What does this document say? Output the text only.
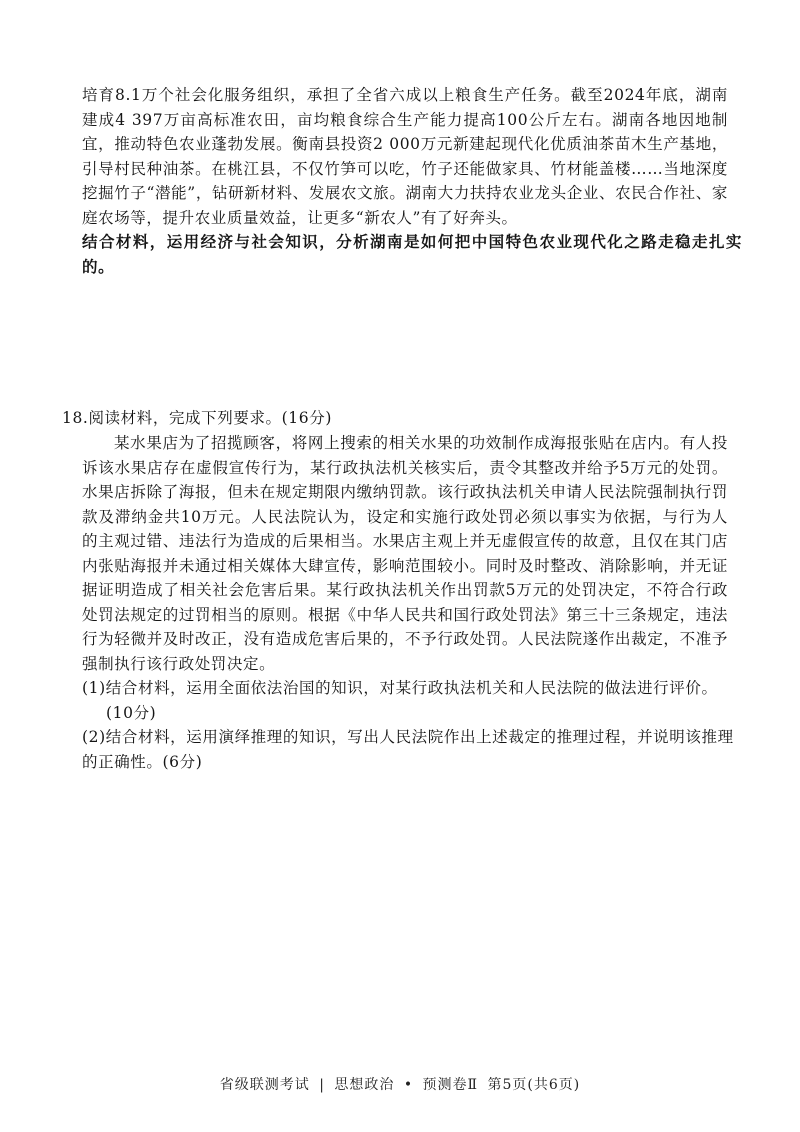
培育8.1万个社会化服务组织，承担了全省六成以上粮食生产任务。截至2024年底，湖南建成4 397万亩高标准农田，亩均粮食综合生产能力提高100公斤左右。湖南各地因地制宜，推动特色农业蓬勃发展。衡南县投资2 000万元新建起现代化优质油茶苗木生产基地，引导村民种油茶。在桃江县，不仅竹笋可以吃，竹子还能做家具、竹材能盖楼……当地深度挖掘竹子“潜能”，钻研新材料、发展农文旅。湖南大力扶持农业龙头企业、农民合作社、家庭农场等，提升农业质量效益，让更多“新农人”有了好奔头。

结合材料，运用经济与社会知识，分析湖南是如何把中国特色农业现代化之路走稳走扎实的。

18.阅读材料，完成下列要求。(16分)

某水果店为了招揽顾客，将网上搜索的相关水果的功效制作成海报张贴在店内。有人投诉该水果店存在虚假宣传行为，某行政执法机关核实后，责令其整改并给予5万元的处罚。水果店拆除了海报，但未在规定期限内缴纳罚款。该行政执法机关申请人民法院强制执行罚款及滞纳金共10万元。人民法院认为，设定和实施行政处罚必须以事实为依据，与行为人的主观过错、违法行为造成的后果相当。水果店主观上并无虚假宣传的故意，且仅在其门店内张贴海报并未通过相关媒体大肆宣传，影响范围较小。同时及时整改、消除影响，并无证据证明造成了相关社会危害后果。某行政执法机关作出罚款5万元的处罚决定，不符合行政处罚法规定的过罚相当的原则。根据《中华人民共和国行政处罚法》第三十三条规定，违法行为轻微并及时改正，没有造成危害后果的，不予行政处罚。人民法院遂作出裁定，不准予强制执行该行政处罚决定。

(1)结合材料，运用全面依法治国的知识，对某行政执法机关和人民法院的做法进行评价。
(10分)
(2)结合材料，运用演绎推理的知识，写出人民法院作出上述裁定的推理过程，并说明该推理的正确性。(6分)
省级联测考试 | 思想政治 • 预测卷Ⅱ 第5页(共6页)
